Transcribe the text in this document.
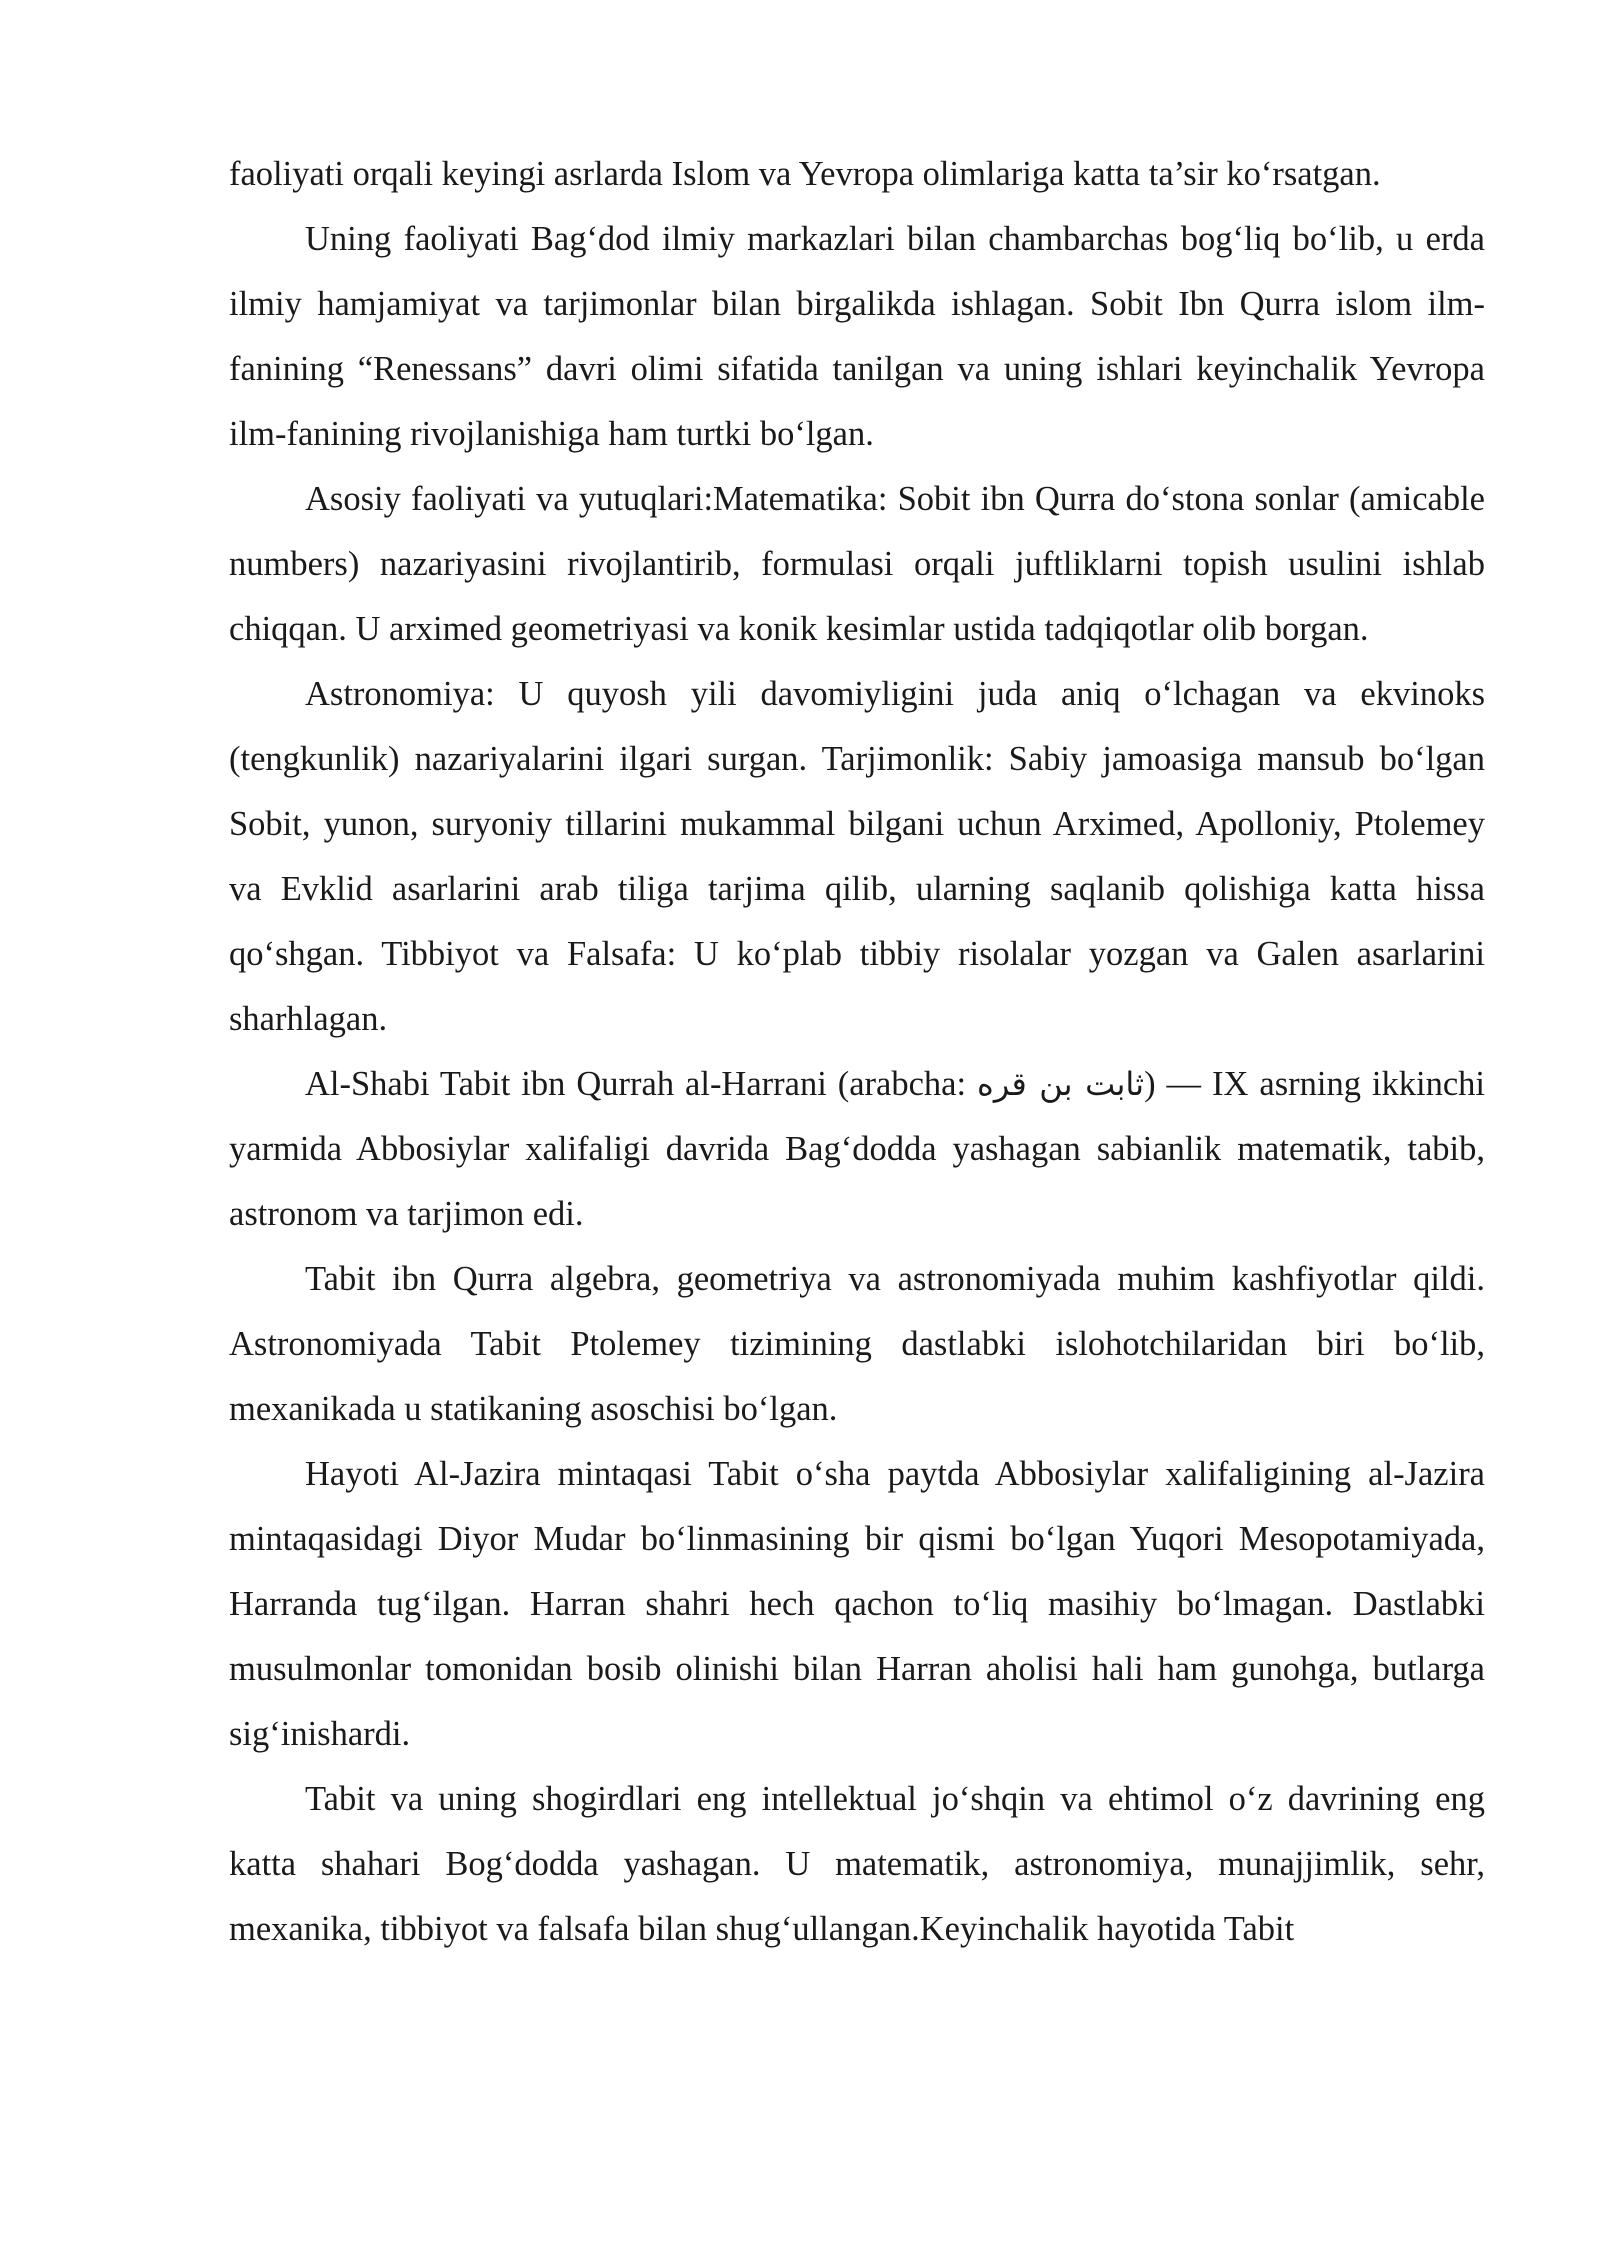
faoliyati orqali keyingi asrlarda Islom va Yevropa olimlariga katta ta’sir ko‘rsatgan.

Uning faoliyati Bag‘dod ilmiy markazlari bilan chambarchas bog‘liq bo‘lib, u erda ilmiy hamjamiyat va tarjimonlar bilan birgalikda ishlagan. Sobit Ibn Qurra islom ilm-fanining “Renessans” davri olimi sifatida tanilgan va uning ishlari keyinchalik Yevropa ilm-fanining rivojlanishiga ham turtki bo‘lgan.

Asosiy faoliyati va yutuqlari:Matematika: Sobit ibn Qurra do‘stona sonlar (amicable numbers) nazariyasini rivojlantirib, formulasi orqali juftliklarni topish usulini ishlab chiqqan. U arximed geometriyasi va konik kesimlar ustida tadqiqotlar olib borgan.

Astronomiya: U quyosh yili davomiyligini juda aniq o‘lchagan va ekvinoks (tengkunlik) nazariyalarini ilgari surgan. Tarjimonlik: Sabiy jamoasiga mansub bo‘lgan Sobit, yunon, suryoniy tillarini mukammal bilgani uchun Arximed, Apolloniy, Ptolemey va Evklid asarlarini arab tiliga tarjima qilib, ularning saqlanib qolishiga katta hissa qo‘shgan. Tibbiyot va Falsafa: U ko‘plab tibbiy risolalar yozgan va Galen asarlarini sharhlagan.

Al-Shabi Tabit ibn Qurrah al-Harrani (arabcha: ثابت بن قره) — IX asrning ikkinchi yarmida Abbosiylar xalifaligi davrida Bag‘dodda yashagan sabianlik matematik, tabib, astronom va tarjimon edi.

Tabit ibn Qurra algebra, geometriya va astronomiyada muhim kashfiyotlar qildi. Astronomiyada Tabit Ptolemey tizimining dastlabki islohotchilaridan biri bo‘lib, mexanikada u statikaning asoschisi bo‘lgan.

Hayoti Al-Jazira mintaqasi Tabit o‘sha paytda Abbosiylar xalifaligining al-Jazira mintaqasidagi Diyor Mudar bo‘linmasining bir qismi bo‘lgan Yuqori Mesopotamiyada, Harranda tug‘ilgan. Harran shahri hech qachon to‘liq masihiy bo‘lmagan. Dastlabki musulmonlar tomonidan bosib olinishi bilan Harran aholisi hali ham gunohga, butlarga sig‘inishardi.

Tabit va uning shogirdlari eng intellektual jo‘shqin va ehtimol o‘z davrining eng katta shahari Bog‘dodda yashagan. U matematik, astronomiya, munajjimlik, sehr, mexanika, tibbiyot va falsafa bilan shug‘ullangan.Keyinchalik hayotida Tabit
